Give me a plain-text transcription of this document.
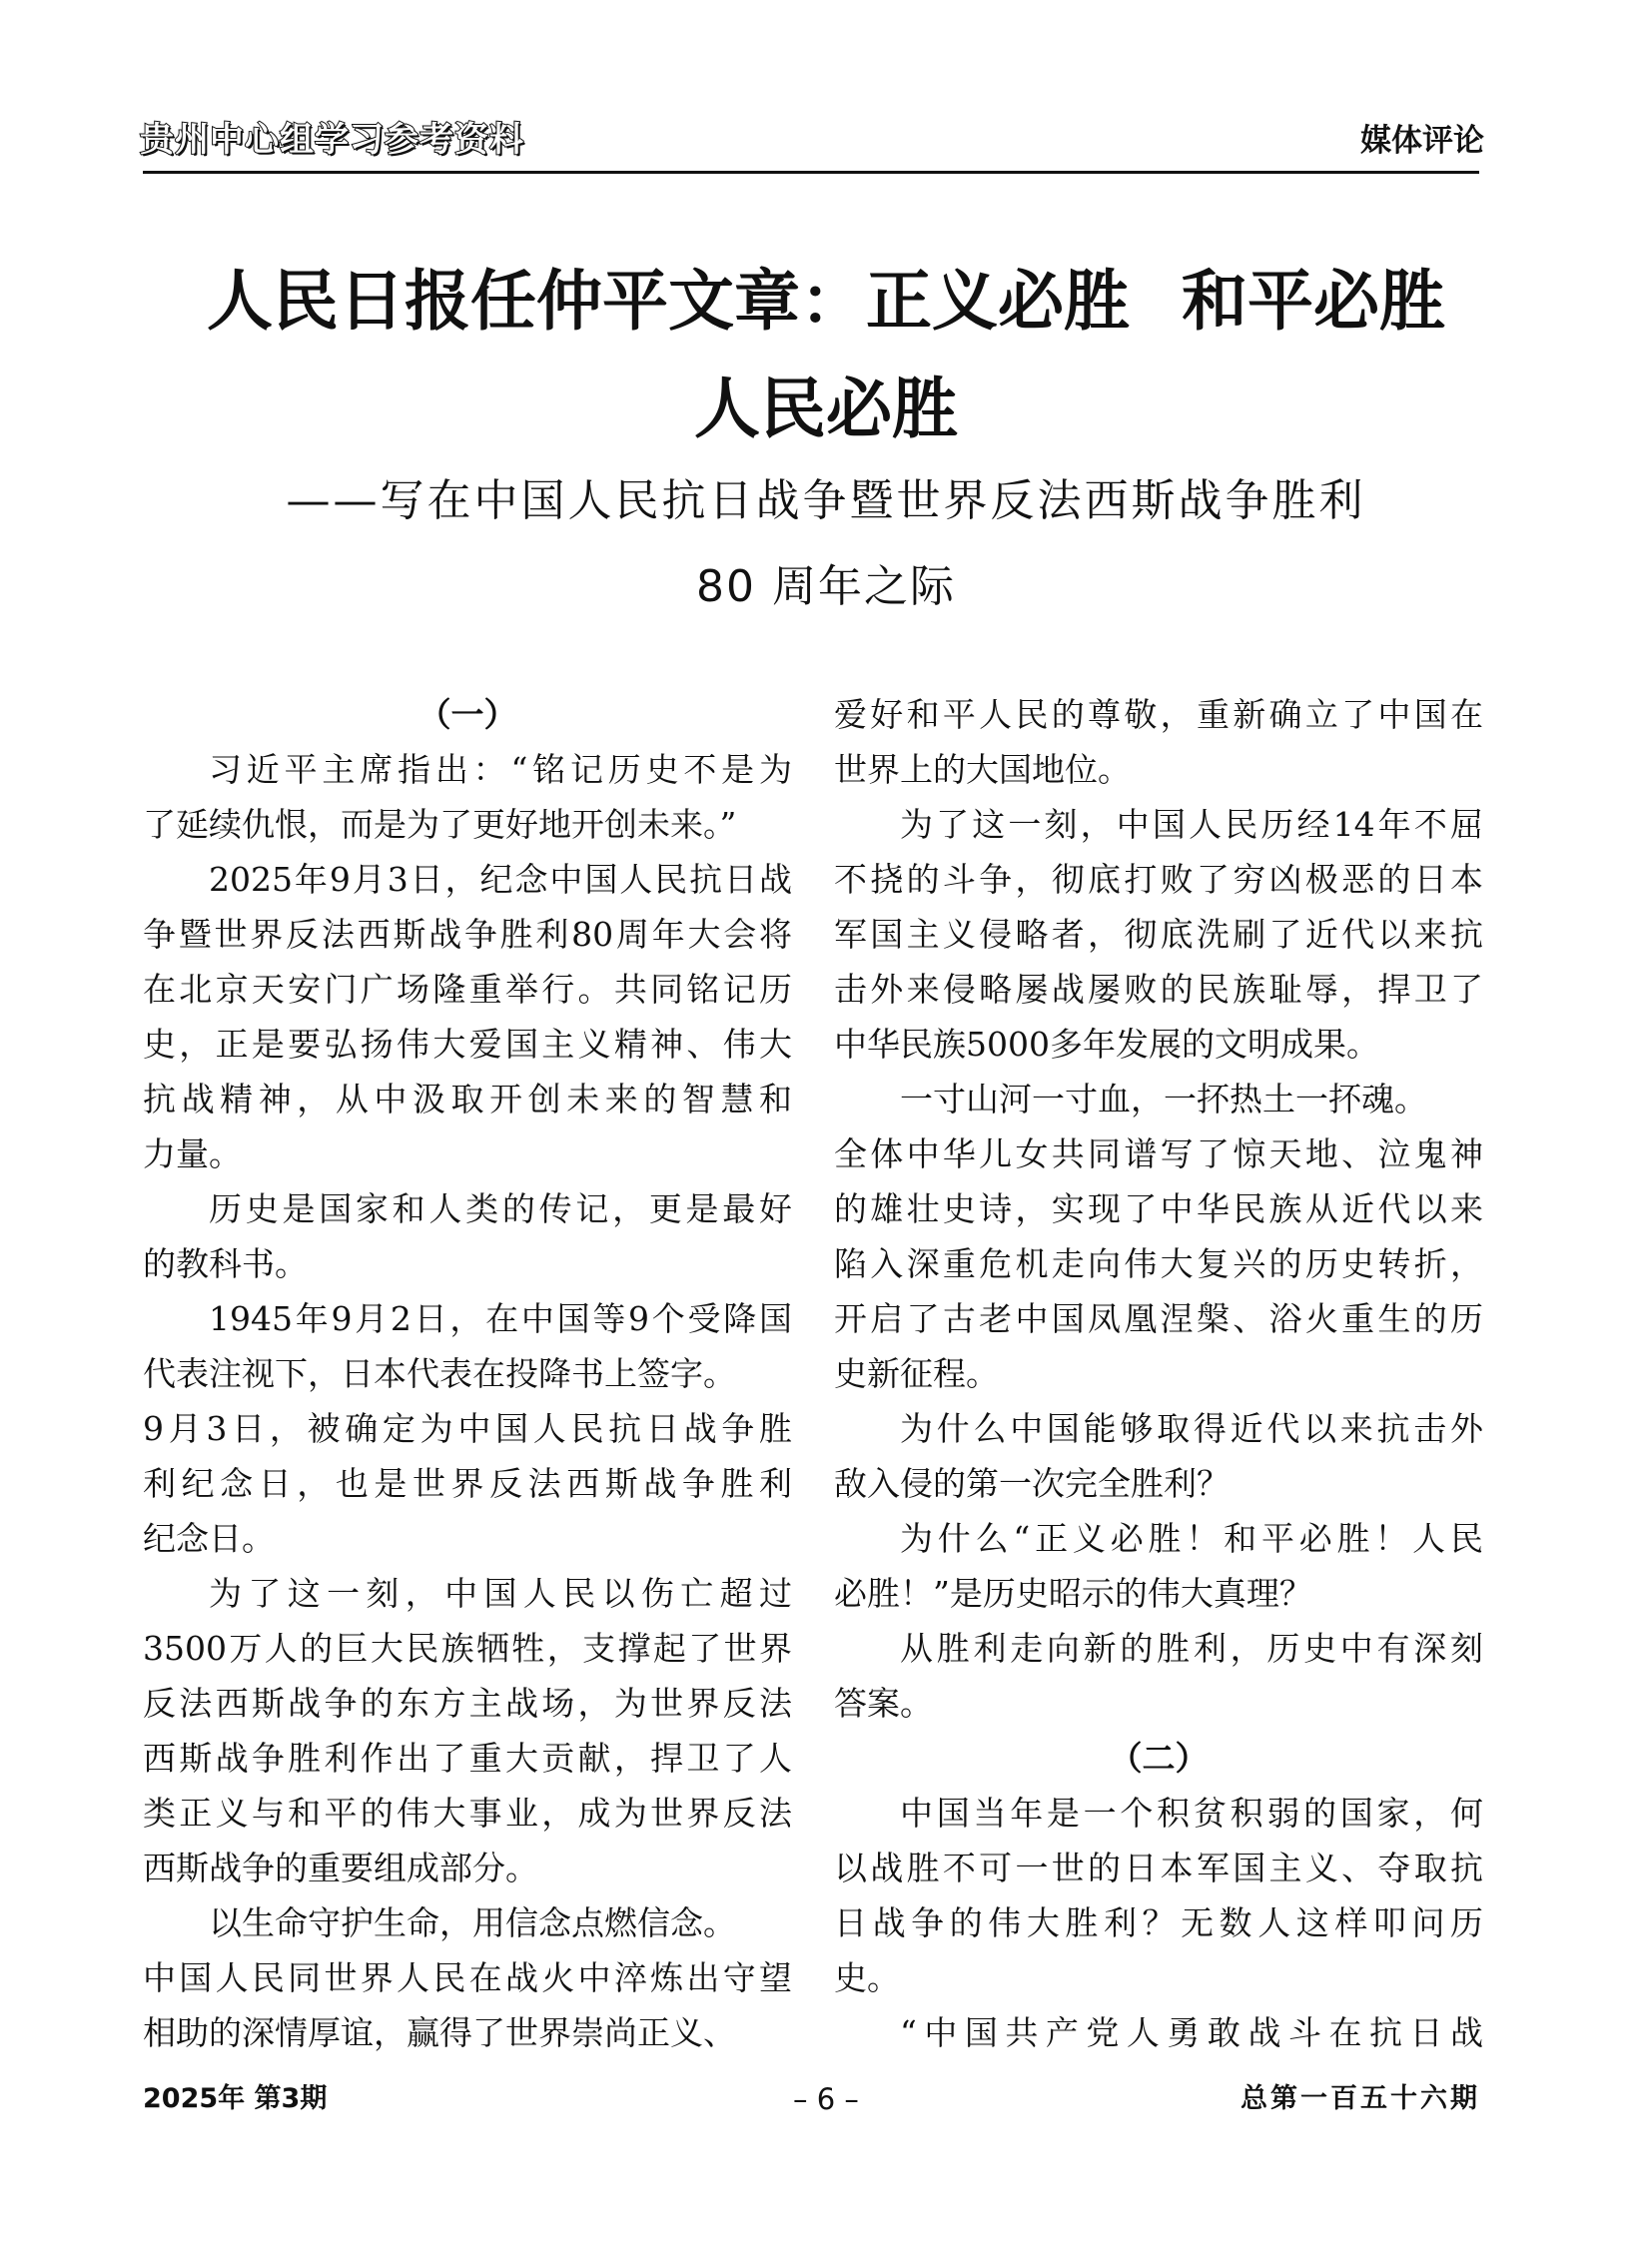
贵州中心组学习参考资料	媒体评论
人民日报任仲平文章：正义必胜 和平必胜
人民必胜
——写在中国人民抗日战争暨世界反法西斯战争胜利
80 周年之际
（一）
习近平主席指出：“铭记历史不是为
了延续仇恨，而是为了更好地开创未来。”
2025年9月3日，纪念中国人民抗日战
争暨世界反法西斯战争胜利80周年大会将
在北京天安门广场隆重举行。共同铭记历
史，正是要弘扬伟大爱国主义精神、伟大
抗战精神，从中汲取开创未来的智慧和
力量。
历史是国家和人类的传记，更是最好
的教科书。
1945年9月2日，在中国等9个受降国
代表注视下，日本代表在投降书上签字。
9月3日，被确定为中国人民抗日战争胜
利纪念日，也是世界反法西斯战争胜利
纪念日。
为了这一刻，中国人民以伤亡超过
3500万人的巨大民族牺牲，支撑起了世界
反法西斯战争的东方主战场，为世界反法
西斯战争胜利作出了重大贡献，捍卫了人
类正义与和平的伟大事业，成为世界反法
西斯战争的重要组成部分。
以生命守护生命，用信念点燃信念。
中国人民同世界人民在战火中淬炼出守望
相助的深情厚谊，赢得了世界崇尚正义、
爱好和平人民的尊敬，重新确立了中国在
世界上的大国地位。
为了这一刻，中国人民历经14年不屈
不挠的斗争，彻底打败了穷凶极恶的日本
军国主义侵略者，彻底洗刷了近代以来抗
击外来侵略屡战屡败的民族耻辱，捍卫了
中华民族5000多年发展的文明成果。
一寸山河一寸血，一抔热土一抔魂。
全体中华儿女共同谱写了惊天地、泣鬼神
的雄壮史诗，实现了中华民族从近代以来
陷入深重危机走向伟大复兴的历史转折，
开启了古老中国凤凰涅槃、浴火重生的历
史新征程。
为什么中国能够取得近代以来抗击外
敌入侵的第一次完全胜利？
为什么“正义必胜！和平必胜！人民
必胜！”是历史昭示的伟大真理？
从胜利走向新的胜利，历史中有深刻
答案。
（二）
中国当年是一个积贫积弱的国家，何
以战胜不可一世的日本军国主义、夺取抗
日战争的伟大胜利？无数人这样叩问历
史。
“中国共产党人勇敢战斗在抗日战
2025年 第3期	– 6 –	总第一百五十六期
